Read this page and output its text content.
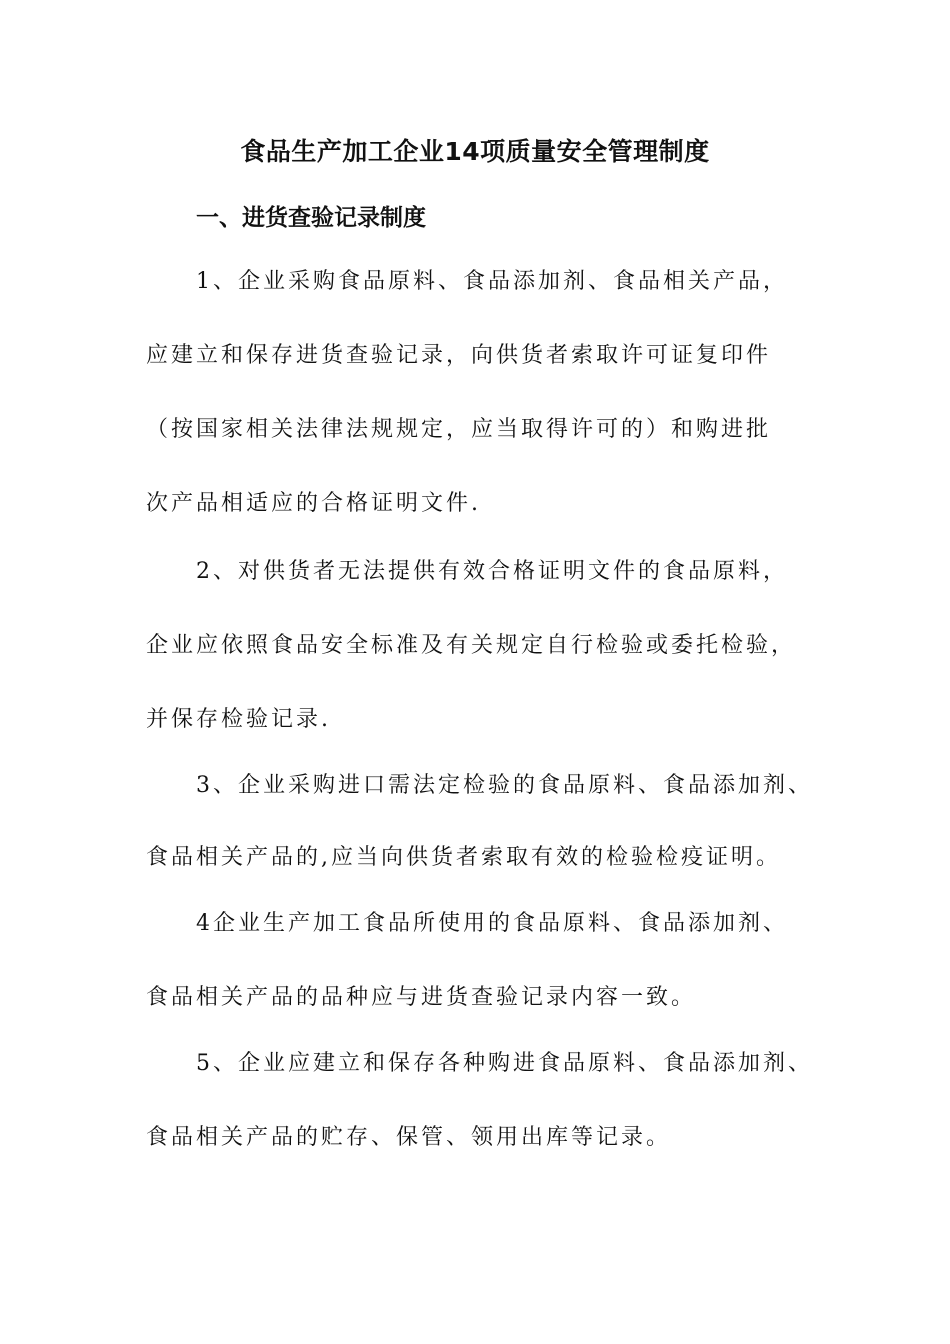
食品生产加工企业14项质量安全管理制度
一、进货查验记录制度
1、企业采购食品原料、食品添加剂、食品相关产品，
应建立和保存进货查验记录，向供货者索取许可证复印件
（按国家相关法律法规规定，应当取得许可的）和购进批
次产品相适应的合格证明文件.
2、对供货者无法提供有效合格证明文件的食品原料，
企业应依照食品安全标准及有关规定自行检验或委托检验，
并保存检验记录.
3、企业采购进口需法定检验的食品原料、食品添加剂、
食品相关产品的,应当向供货者索取有效的检验检疫证明。
4企业生产加工食品所使用的食品原料、食品添加剂、
食品相关产品的品种应与进货查验记录内容一致。
5、企业应建立和保存各种购进食品原料、食品添加剂、
食品相关产品的贮存、保管、领用出库等记录。
